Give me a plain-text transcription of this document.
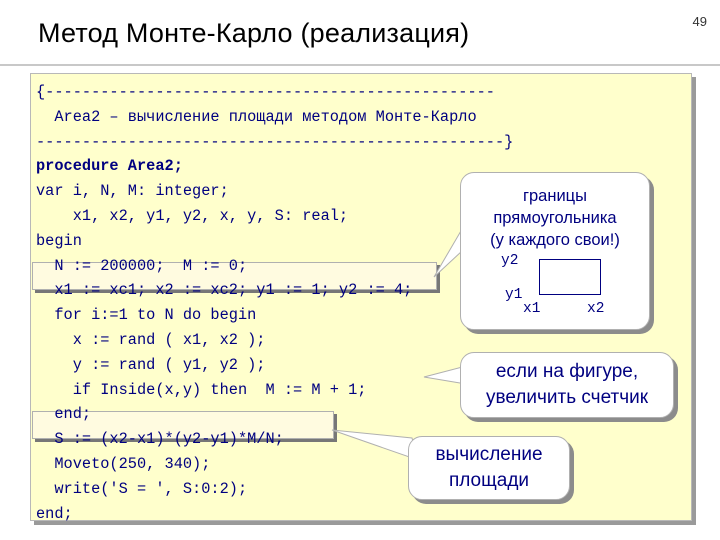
Метод Монте-Карло (реализация)	49
{-------------------------------------------------
Area2 – вычисление площади методом Монте-Карло
---------------------------------------------------}
procedure Area2;
var i, N, M: integer;
x1, x2, y1, y2, x, y, S: real;
begin
N := 200000;  M := 0;
x1 := xc1; x2 := xc2; y1 := 1; y2 := 4;
for i:=1 to N do begin
x := rand ( x1, x2 );
y := rand ( y1, y2 );
if Inside(x,y) then  M := M + 1;
end;
S := (x2-x1)*(y2-y1)*M/N;
Moveto(250, 340);
write('S = ', S:0:2);
end;
границы
прямоугольника
(у каждого свои!)
y2
y1
x1	x2
если на фигуре,
увеличить счетчик
вычисление
площади
